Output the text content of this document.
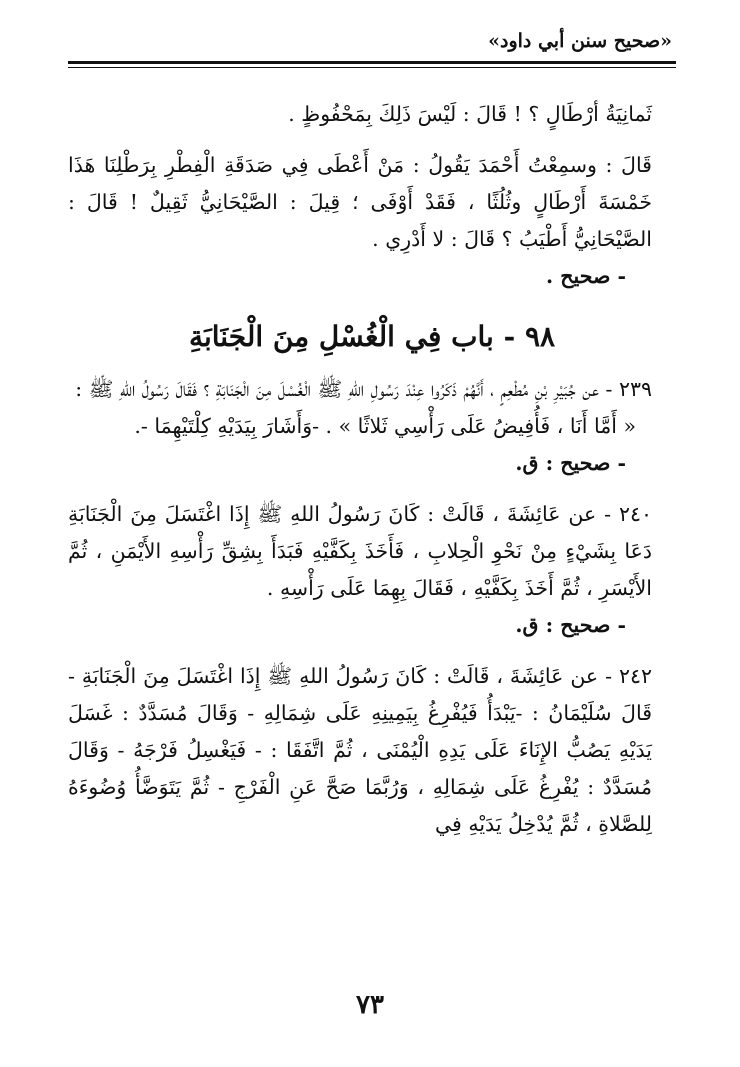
«صحيح سنن أبي داود»

ثَمانِيَةُ أرْطَالٍ ؟ ! قَالَ : لَيْسَ ذَلِكَ بِمَحْفُوظٍ .

قَالَ : وسمِعْتُ أَحْمَدَ يَقُولُ : مَنْ أَعْطَى فِي صَدَقَةِ الْفِطْرِ بِرَطْلِنَا هَذَا خَمْسَةَ أَرْطَالٍ وثُلُثًا ، فَقَدْ أَوْفَى ؛ قِيلَ : الصَّيْحَانِيُّ ثَقِيلٌ ! قَالَ : الصَّيْحَانِيُّ أَطْيَبُ ؟ قَالَ : لا أَدْرِي .

- صحيح .

٩٨ - باب فِي الْغُسْلِ مِنَ الْجَنَابَةِ

٢٣٩ - عن جُبَيْرِ بْنِ مُطْعِمٍ ، أَنَّهُمْ ذَكَرُوا عِنْدَ رَسُولِ اللهِ ﷺ الْغُسْلَ مِنَ الْجَنَابَةِ ؟ فَقَالَ رَسُولُ اللهِ ﷺ :

« أَمَّا أَنَا ، فَأُفِيضُ عَلَى رَأْسِي ثَلاثًا » . -وَأَشَارَ بِيَدَيْهِ كِلْتَيْهِمَا -.

- صحيح : ق.

٢٤٠ - عن عَائِشَةَ ، قَالَتْ : كَانَ رَسُولُ اللهِ ﷺ إِذَا اغْتَسَلَ مِنَ الْجَنَابَةِ دَعَا بِشَيْءٍ مِنْ نَحْوِ الْحِلابِ ، فَأَخَذَ بِكَفَّيْهِ فَبَدَأَ بِشِقِّ رَأْسِهِ الأَيْمَنِ ، ثُمَّ الأَيْسَرِ ، ثُمَّ أَخَذَ بِكَفَّيْهِ ، فَقَالَ بِهِمَا عَلَى رَأْسِهِ .

- صحيح : ق.

٢٤٢ - عن عَائِشَةَ ، قَالَتْ : كَانَ رَسُولُ اللهِ ﷺ إِذَا اغْتَسَلَ مِنَ الْجَنَابَةِ - قَالَ سُلَيْمَانُ : -يَبْدَأُ فَيُفْرِغُ بِيَمِينِهِ عَلَى شِمَالِهِ - وَقَالَ مُسَدَّدٌ : غَسَلَ يَدَيْهِ يَصُبُّ الإِنَاءَ عَلَى يَدِهِ الْيُمْنَى ، ثُمَّ اتَّفَقَا : - فَيَغْسِلُ فَرْجَهُ - وَقَالَ مُسَدَّدٌ : يُفْرِغُ عَلَى شِمَالِهِ ، وَرُبَّمَا صَحَّ عَنِ الْفَرْجِ - ثُمَّ يَتَوَضَّأُ وُضُوءَهُ لِلصَّلاةِ ، ثُمَّ يُدْخِلُ يَدَيْهِ فِي

٧٣
